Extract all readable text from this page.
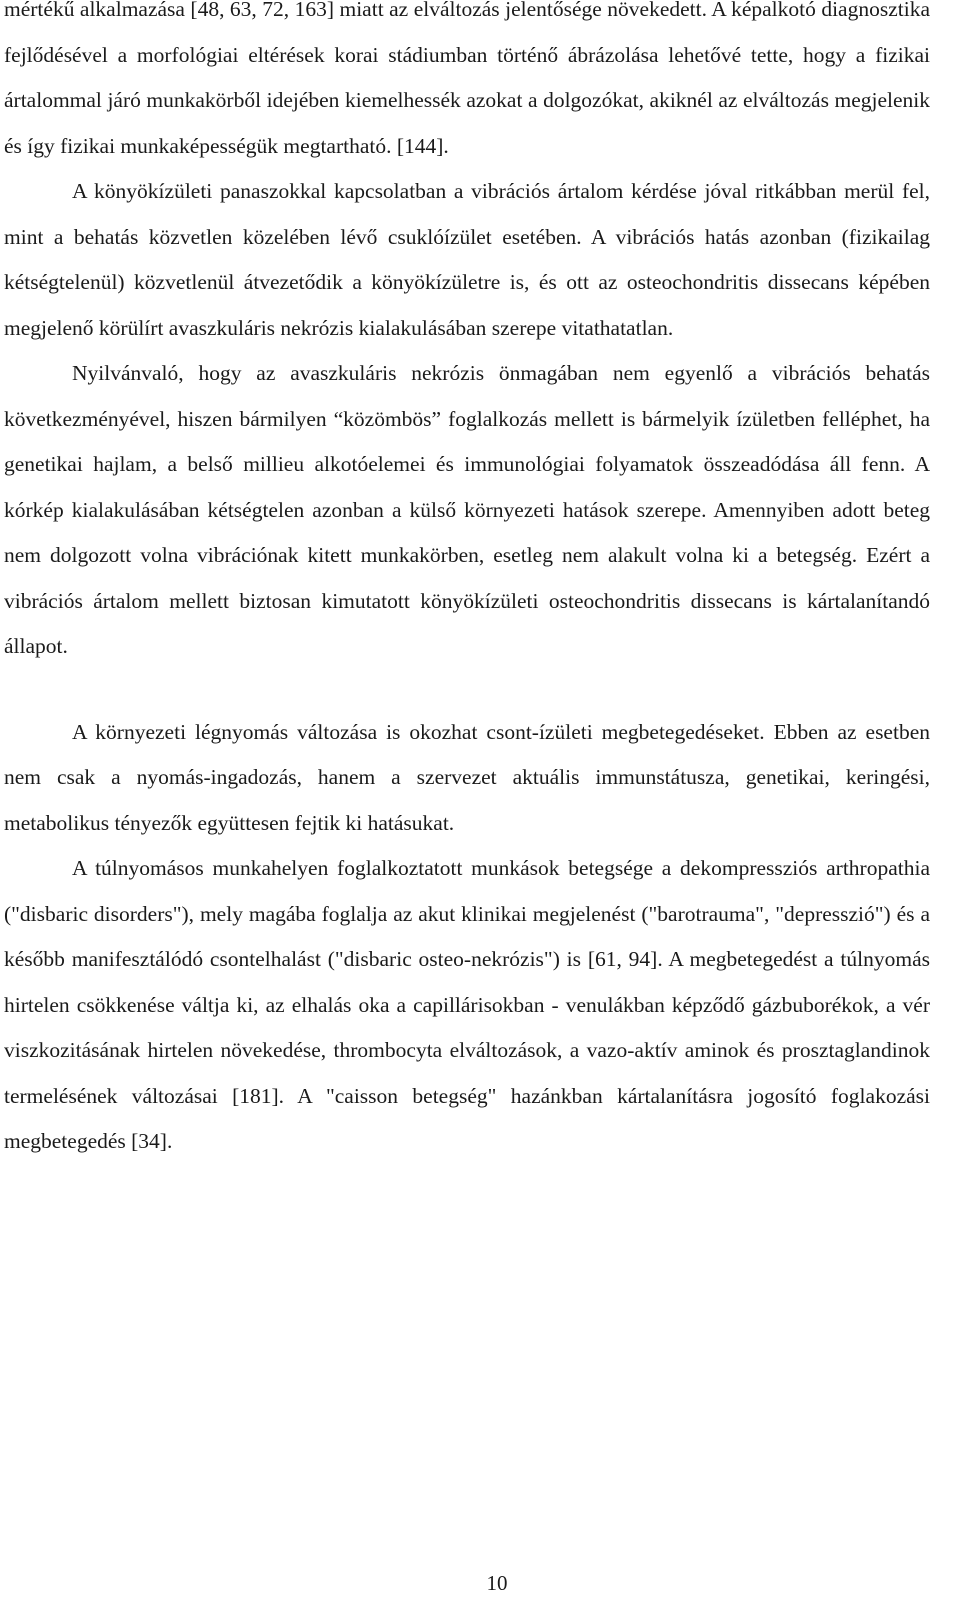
mértékű alkalmazása [48, 63, 72, 163] miatt az elváltozás jelentősége növekedett. A képalkotó diagnosztika fejlődésével a morfológiai eltérések korai stádiumban történő ábrázolása lehetővé tette, hogy a fizikai ártalommal járó munkakörből idejében kiemelhessék azokat a dolgozókat, akiknél az elváltozás megjelenik és így fizikai munkaképességük megtartható. [144].

A könyökízületi panaszokkal kapcsolatban a vibrációs ártalom kérdése jóval ritkábban merül fel, mint a behatás közvetlen közelében lévő csuklóízület esetében. A vibrációs hatás azonban (fizikailag kétségtelenül) közvetlenül átvezetődik a könyökízületre is, és ott az osteochondritis dissecans képében megjelenő körülírt avaszkuláris nekrózis kialakulásában szerepe vitathatatlan.

Nyilvánvaló, hogy az avaszkuláris nekrózis önmagában nem egyenlő a vibrációs behatás következményével, hiszen bármilyen “közömbös” foglalkozás mellett is bármelyik ízületben felléphet, ha genetikai hajlam, a belső millieu alkotóelemei és immunológiai folyamatok összeadódása áll fenn. A kórkép kialakulásában kétségtelen azonban a külső környezeti hatások szerepe. Amennyiben adott beteg nem dolgozott volna vibrációnak kitett munkakörben, esetleg nem alakult volna ki a betegség. Ezért a vibrációs ártalom mellett biztosan kimutatott könyökízületi osteochondritis dissecans is kártalanítandó állapot.

A környezeti légnyomás változása is okozhat csont-ízületi megbetegedéseket. Ebben az esetben nem csak a nyomás-ingadozás, hanem a szervezet aktuális immunstátusza, genetikai, keringési, metabolikus tényezők együttesen fejtik ki hatásukat.

A túlnyomásos munkahelyen foglalkoztatott munkások betegsége a dekompressziós arthropathia ("disbaric disorders"), mely magába foglalja az akut klinikai megjelenést ("barotrauma", "depresszió") és a később manifesztálódó csontelhalást ("disbaric osteo-nekrózis") is [61, 94]. A megbetegedést a túlnyomás hirtelen csökkenése váltja ki, az elhalás oka a capillárisokban - venulákban képződő gázbuborékok, a vér viszkozitásának hirtelen növekedése, thrombocyta elváltozások, a vazo-aktív aminok és prosztaglandinok termelésének változásai [181]. A "caisson betegség" hazánkban kártalanításra jogosító foglakozási megbetegedés [34].

10
